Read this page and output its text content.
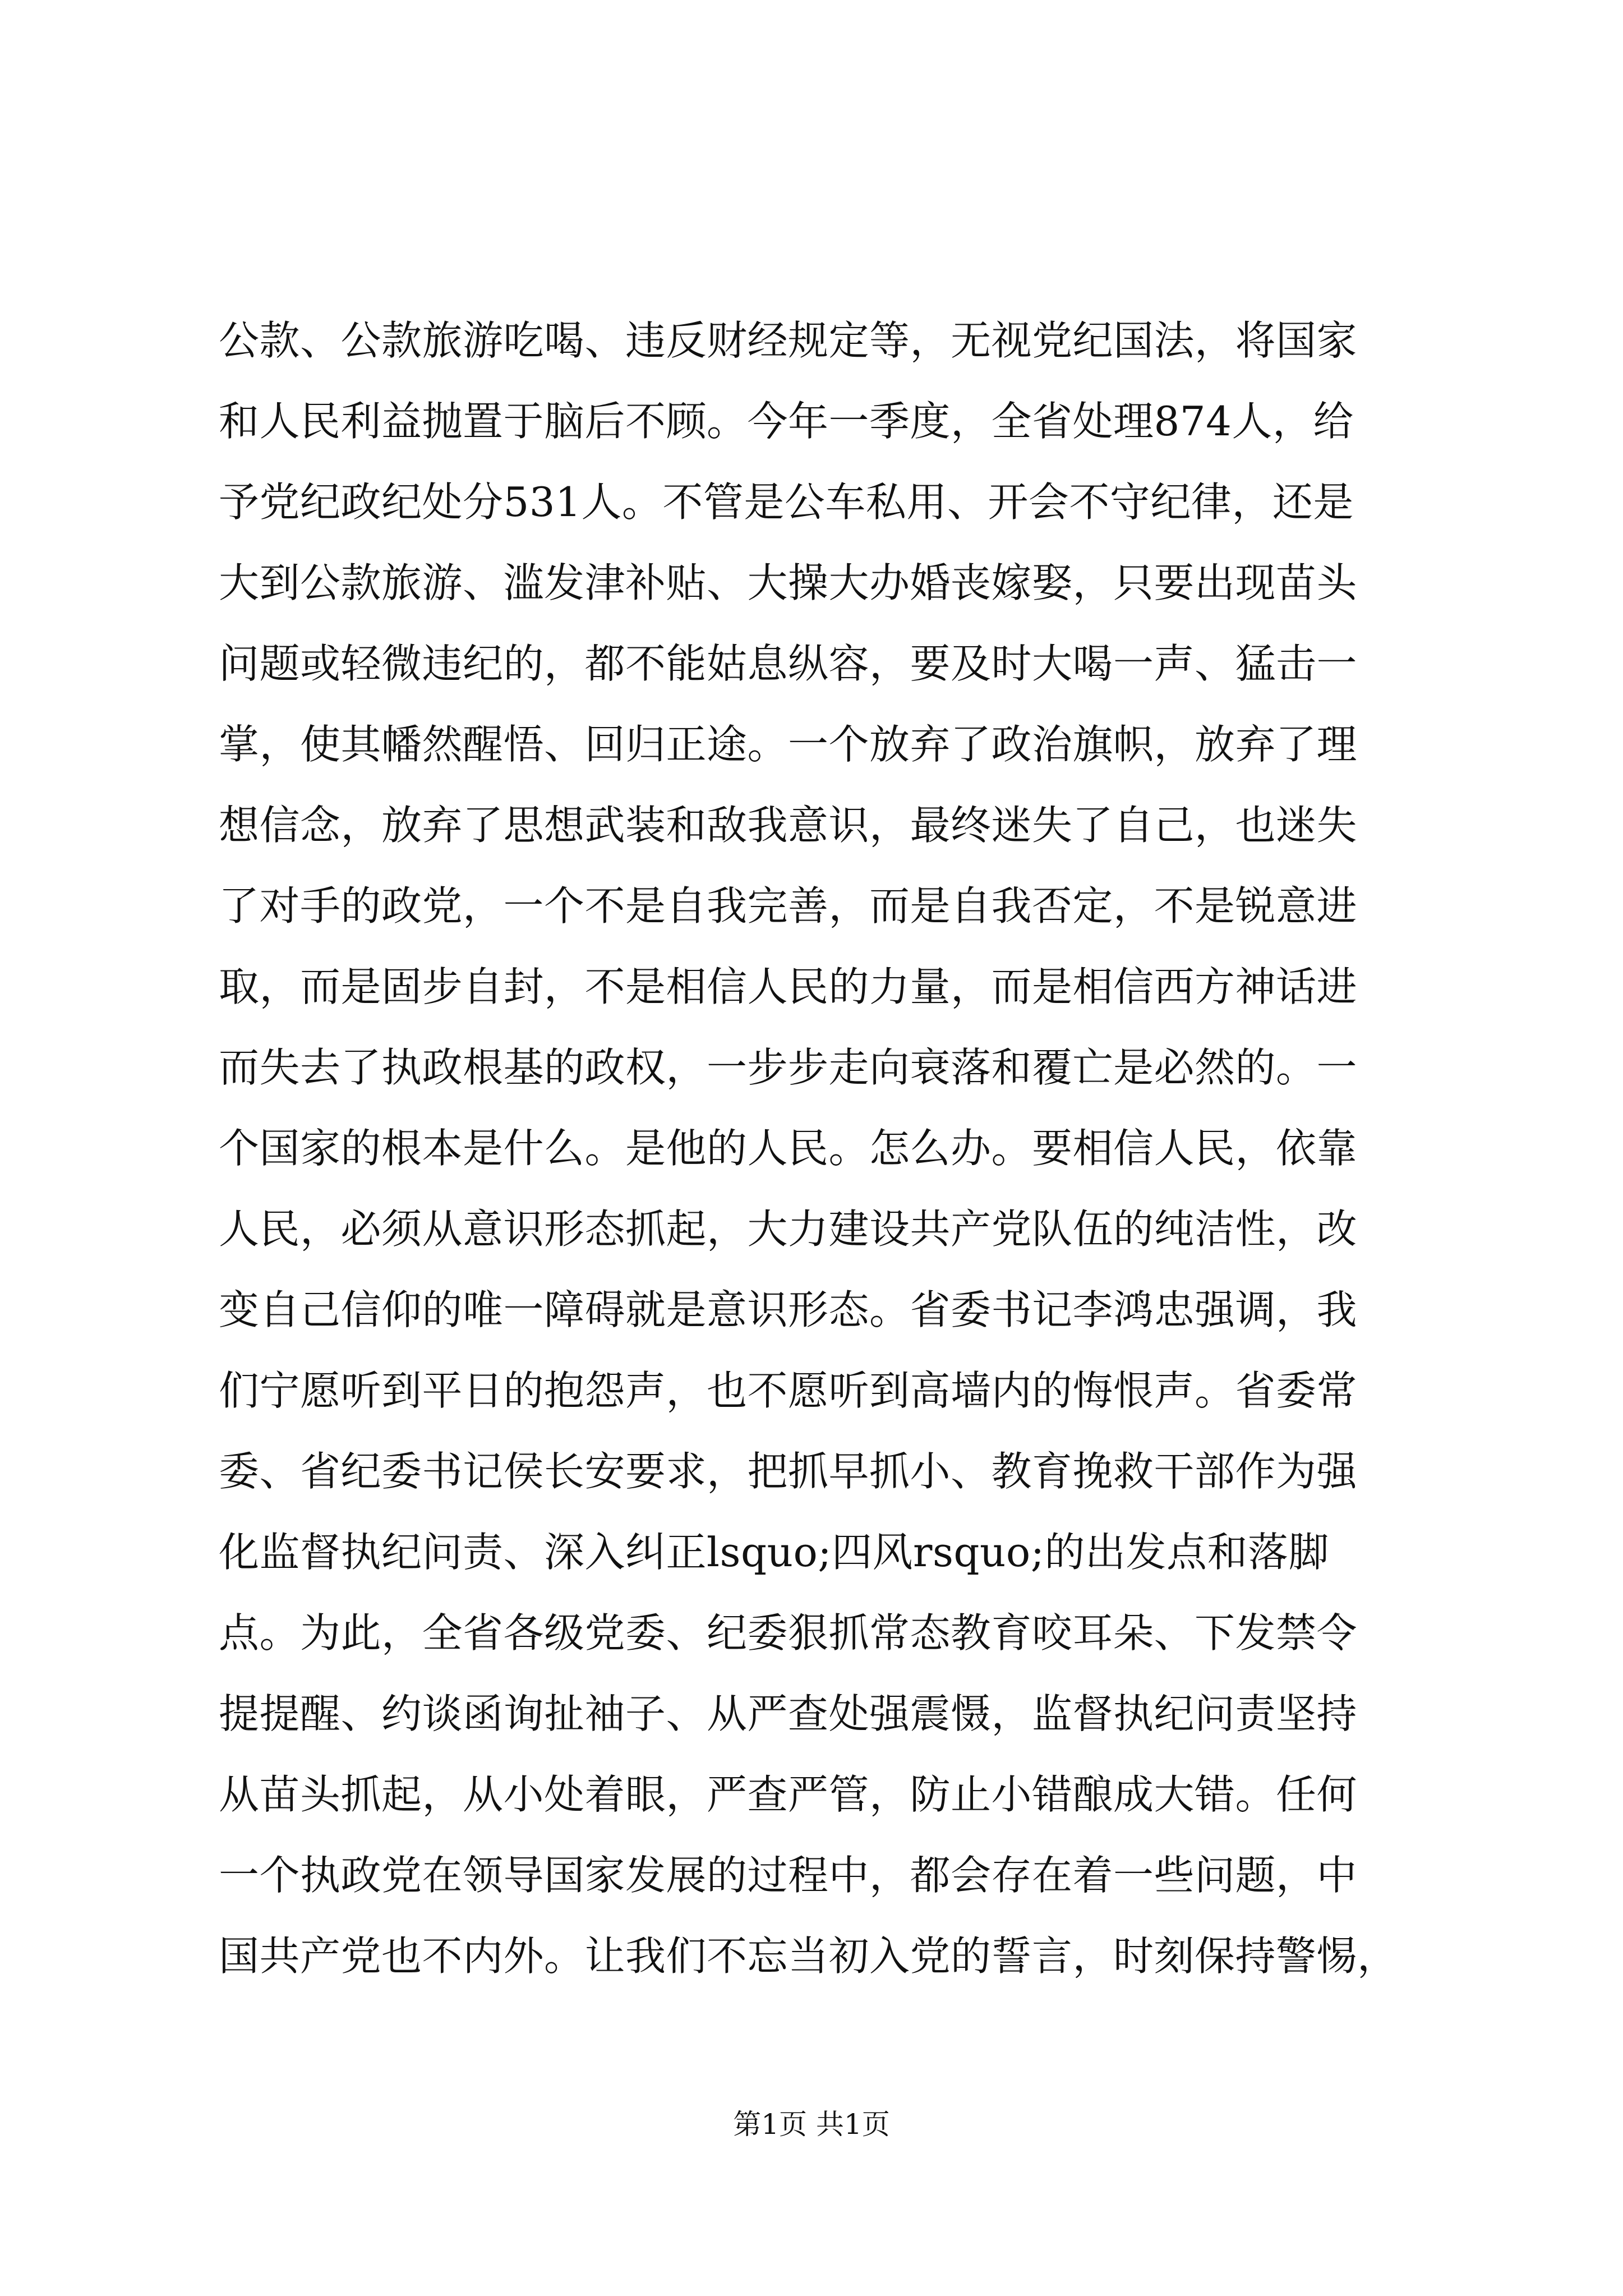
公款、公款旅游吃喝、违反财经规定等，无视党纪国法，将国家
和人民利益抛置于脑后不顾。今年一季度，全省处理874人，给
予党纪政纪处分531人。不管是公车私用、开会不守纪律，还是
大到公款旅游、滥发津补贴、大操大办婚丧嫁娶，只要出现苗头
问题或轻微违纪的，都不能姑息纵容，要及时大喝一声、猛击一
掌，使其幡然醒悟、回归正途。一个放弃了政治旗帜，放弃了理
想信念，放弃了思想武装和敌我意识，最终迷失了自己，也迷失
了对手的政党，一个不是自我完善，而是自我否定，不是锐意进
取，而是固步自封，不是相信人民的力量，而是相信西方神话进
而失去了执政根基的政权，一步步走向衰落和覆亡是必然的。一
个国家的根本是什么。是他的人民。怎么办。要相信人民，依靠
人民，必须从意识形态抓起，大力建设共产党队伍的纯洁性，改
变自己信仰的唯一障碍就是意识形态。省委书记李鸿忠强调，我
们宁愿听到平日的抱怨声，也不愿听到高墙内的悔恨声。省委常
委、省纪委书记侯长安要求，把抓早抓小、教育挽救干部作为强
化监督执纪问责、深入纠正lsquo;四风rsquo;的出发点和落脚
点。为此，全省各级党委、纪委狠抓常态教育咬耳朵、下发禁令
提提醒、约谈函询扯袖子、从严查处强震慑，监督执纪问责坚持
从苗头抓起，从小处着眼，严查严管，防止小错酿成大错。任何
一个执政党在领导国家发展的过程中，都会存在着一些问题，中
国共产党也不内外。让我们不忘当初入党的誓言，时刻保持警惕，
第1页 共1页
